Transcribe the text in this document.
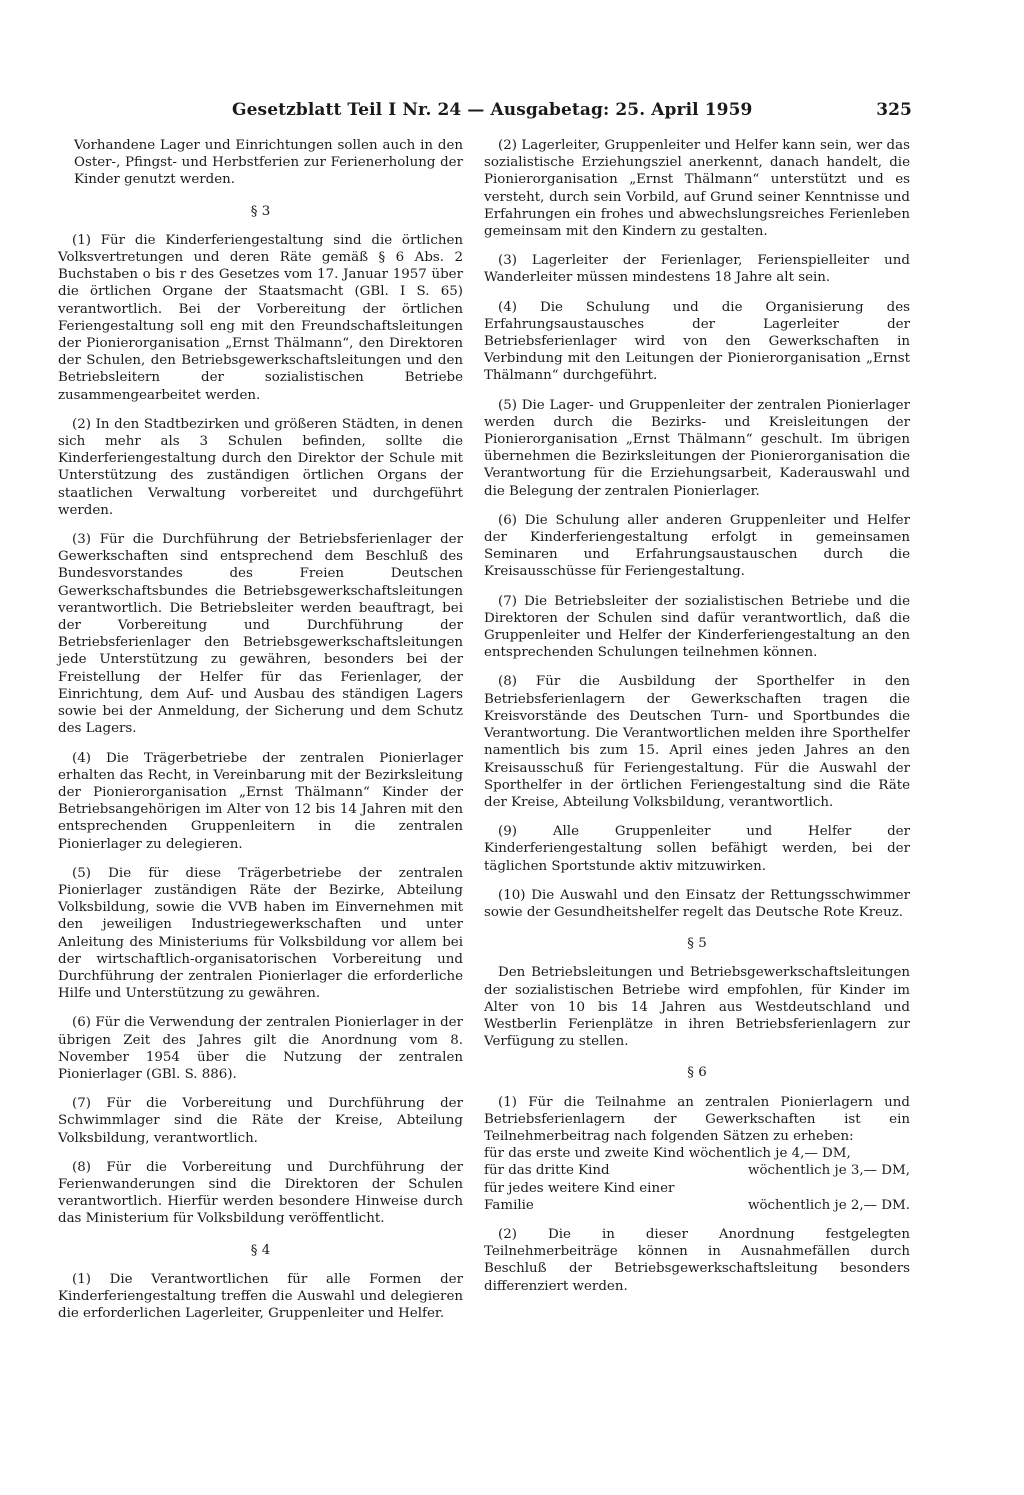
Gesetzblatt Teil I Nr. 24 — Ausgabetag: 25. April 1959	325

Vorhandene Lager und Einrichtungen sollen auch in den Oster-, Pfingst- und Herbstferien zur Ferienerholung der Kinder genutzt werden.

§ 3

(1) Für die Kinderferiengestaltung sind die örtlichen Volksvertretungen und deren Räte gemäß § 6 Abs. 2 Buchstaben o bis r des Gesetzes vom 17. Januar 1957 über die örtlichen Organe der Staatsmacht (GBl. I S. 65) verantwortlich. Bei der Vorbereitung der örtlichen Feriengestaltung soll eng mit den Freundschaftsleitungen der Pionierorganisation „Ernst Thälmann“, den Direktoren der Schulen, den Betriebsgewerkschaftsleitungen und den Betriebsleitern der sozialistischen Betriebe zusammengearbeitet werden.

(2) In den Stadtbezirken und größeren Städten, in denen sich mehr als 3 Schulen befinden, sollte die Kinderferiengestaltung durch den Direktor der Schule mit Unterstützung des zuständigen örtlichen Organs der staatlichen Verwaltung vorbereitet und durchgeführt werden.

(3) Für die Durchführung der Betriebsferienlager der Gewerkschaften sind entsprechend dem Beschluß des Bundesvorstandes des Freien Deutschen Gewerkschaftsbundes die Betriebsgewerkschaftsleitungen verantwortlich. Die Betriebsleiter werden beauftragt, bei der Vorbereitung und Durchführung der Betriebsferienlager den Betriebsgewerkschaftsleitungen jede Unterstützung zu gewähren, besonders bei der Freistellung der Helfer für das Ferienlager, der Einrichtung, dem Auf- und Ausbau des ständigen Lagers sowie bei der Anmeldung, der Sicherung und dem Schutz des Lagers.

(4) Die Trägerbetriebe der zentralen Pionierlager erhalten das Recht, in Vereinbarung mit der Bezirksleitung der Pionierorganisation „Ernst Thälmann“ Kinder der Betriebsangehörigen im Alter von 12 bis 14 Jahren mit den entsprechenden Gruppenleitern in die zentralen Pionierlager zu delegieren.

(5) Die für diese Trägerbetriebe der zentralen Pionierlager zuständigen Räte der Bezirke, Abteilung Volksbildung, sowie die VVB haben im Einvernehmen mit den jeweiligen Industriegewerkschaften und unter Anleitung des Ministeriums für Volksbildung vor allem bei der wirtschaftlich-organisatorischen Vorbereitung und Durchführung der zentralen Pionierlager die erforderliche Hilfe und Unterstützung zu gewähren.

(6) Für die Verwendung der zentralen Pionierlager in der übrigen Zeit des Jahres gilt die Anordnung vom 8. November 1954 über die Nutzung der zentralen Pionierlager (GBl. S. 886).

(7) Für die Vorbereitung und Durchführung der Schwimmlager sind die Räte der Kreise, Abteilung Volksbildung, verantwortlich.

(8) Für die Vorbereitung und Durchführung der Ferienwanderungen sind die Direktoren der Schulen verantwortlich. Hierfür werden besondere Hinweise durch das Ministerium für Volksbildung veröffentlicht.

§ 4

(1) Die Verantwortlichen für alle Formen der Kinderferiengestaltung treffen die Auswahl und delegieren die erforderlichen Lagerleiter, Gruppenleiter und Helfer.

(2) Lagerleiter, Gruppenleiter und Helfer kann sein, wer das sozialistische Erziehungsziel anerkennt, danach handelt, die Pionierorganisation „Ernst Thälmann“ unterstützt und es versteht, durch sein Vorbild, auf Grund seiner Kenntnisse und Erfahrungen ein frohes und abwechslungsreiches Ferienleben gemeinsam mit den Kindern zu gestalten.

(3) Lagerleiter der Ferienlager, Ferienspielleiter und Wanderleiter müssen mindestens 18 Jahre alt sein.

(4) Die Schulung und die Organisierung des Erfahrungsaustausches der Lagerleiter der Betriebsferienlager wird von den Gewerkschaften in Verbindung mit den Leitungen der Pionierorganisation „Ernst Thälmann“ durchgeführt.

(5) Die Lager- und Gruppenleiter der zentralen Pionierlager werden durch die Bezirks- und Kreisleitungen der Pionierorganisation „Ernst Thälmann“ geschult. Im übrigen übernehmen die Bezirksleitungen der Pionierorganisation die Verantwortung für die Erziehungsarbeit, Kaderauswahl und die Belegung der zentralen Pionierlager.

(6) Die Schulung aller anderen Gruppenleiter und Helfer der Kinderferiengestaltung erfolgt in gemeinsamen Seminaren und Erfahrungsaustauschen durch die Kreisausschüsse für Feriengestaltung.

(7) Die Betriebsleiter der sozialistischen Betriebe und die Direktoren der Schulen sind dafür verantwortlich, daß die Gruppenleiter und Helfer der Kinderferiengestaltung an den entsprechenden Schulungen teilnehmen können.

(8) Für die Ausbildung der Sporthelfer in den Betriebsferienlagern der Gewerkschaften tragen die Kreisvorstände des Deutschen Turn- und Sportbundes die Verantwortung. Die Verantwortlichen melden ihre Sporthelfer namentlich bis zum 15. April eines jeden Jahres an den Kreisausschuß für Feriengestaltung. Für die Auswahl der Sporthelfer in der örtlichen Feriengestaltung sind die Räte der Kreise, Abteilung Volksbildung, verantwortlich.

(9) Alle Gruppenleiter und Helfer der Kinderferiengestaltung sollen befähigt werden, bei der täglichen Sportstunde aktiv mitzuwirken.

(10) Die Auswahl und den Einsatz der Rettungsschwimmer sowie der Gesundheitshelfer regelt das Deutsche Rote Kreuz.

§ 5

Den Betriebsleitungen und Betriebsgewerkschaftsleitungen der sozialistischen Betriebe wird empfohlen, für Kinder im Alter von 10 bis 14 Jahren aus Westdeutschland und Westberlin Ferienplätze in ihren Betriebsferienlagern zur Verfügung zu stellen.

§ 6

(1) Für die Teilnahme an zentralen Pionierlagern und Betriebsferienlagern der Gewerkschaften ist ein Teilnehmerbeitrag nach folgenden Sätzen zu erheben:

für das erste und zweite Kind wöchentlich je 4,— DM,
für das dritte Kind	wöchentlich je 3,— DM,
für jedes weitere Kind einer
Familie	wöchentlich je 2,— DM.

(2) Die in dieser Anordnung festgelegten Teilnehmerbeiträge können in Ausnahmefällen durch Beschluß der Betriebsgewerkschaftsleitung besonders differenziert werden.
